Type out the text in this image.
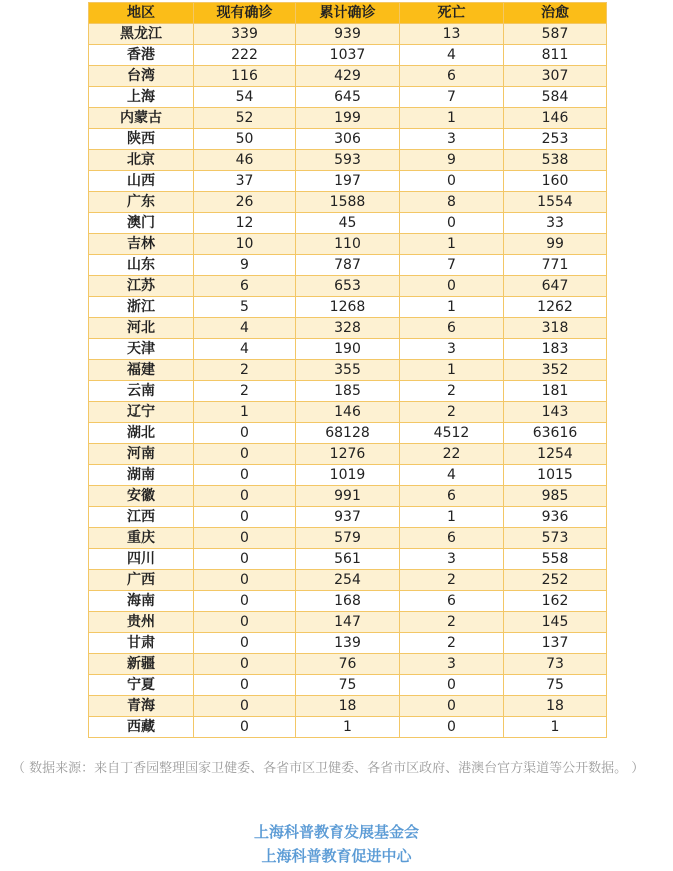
地区	现有确诊	累计确诊	死亡	治愈
黑龙江	339	939	13	587
香港	222	1037	4	811
台湾	116	429	6	307
上海	54	645	7	584
内蒙古	52	199	1	146
陕西	50	306	3	253
北京	46	593	9	538
山西	37	197	0	160
广东	26	1588	8	1554
澳门	12	45	0	33
吉林	10	110	1	99
山东	9	787	7	771
江苏	6	653	0	647
浙江	5	1268	1	1262
河北	4	328	6	318
天津	4	190	3	183
福建	2	355	1	352
云南	2	185	2	181
辽宁	1	146	2	143
湖北	0	68128	4512	63616
河南	0	1276	22	1254
湖南	0	1019	4	1015
安徽	0	991	6	985
江西	0	937	1	936
重庆	0	579	6	573
四川	0	561	3	558
广西	0	254	2	252
海南	0	168	6	162
贵州	0	147	2	145
甘肃	0	139	2	137
新疆	0	76	3	73
宁夏	0	75	0	75
青海	0	18	0	18
西藏	0	1	0	1

（ 数据来源：来自丁香园整理国家卫健委、各省市区卫健委、各省市区政府、港澳台官方渠道等公开数据。 ）

上海科普教育发展基金会
上海科普教育促进中心
